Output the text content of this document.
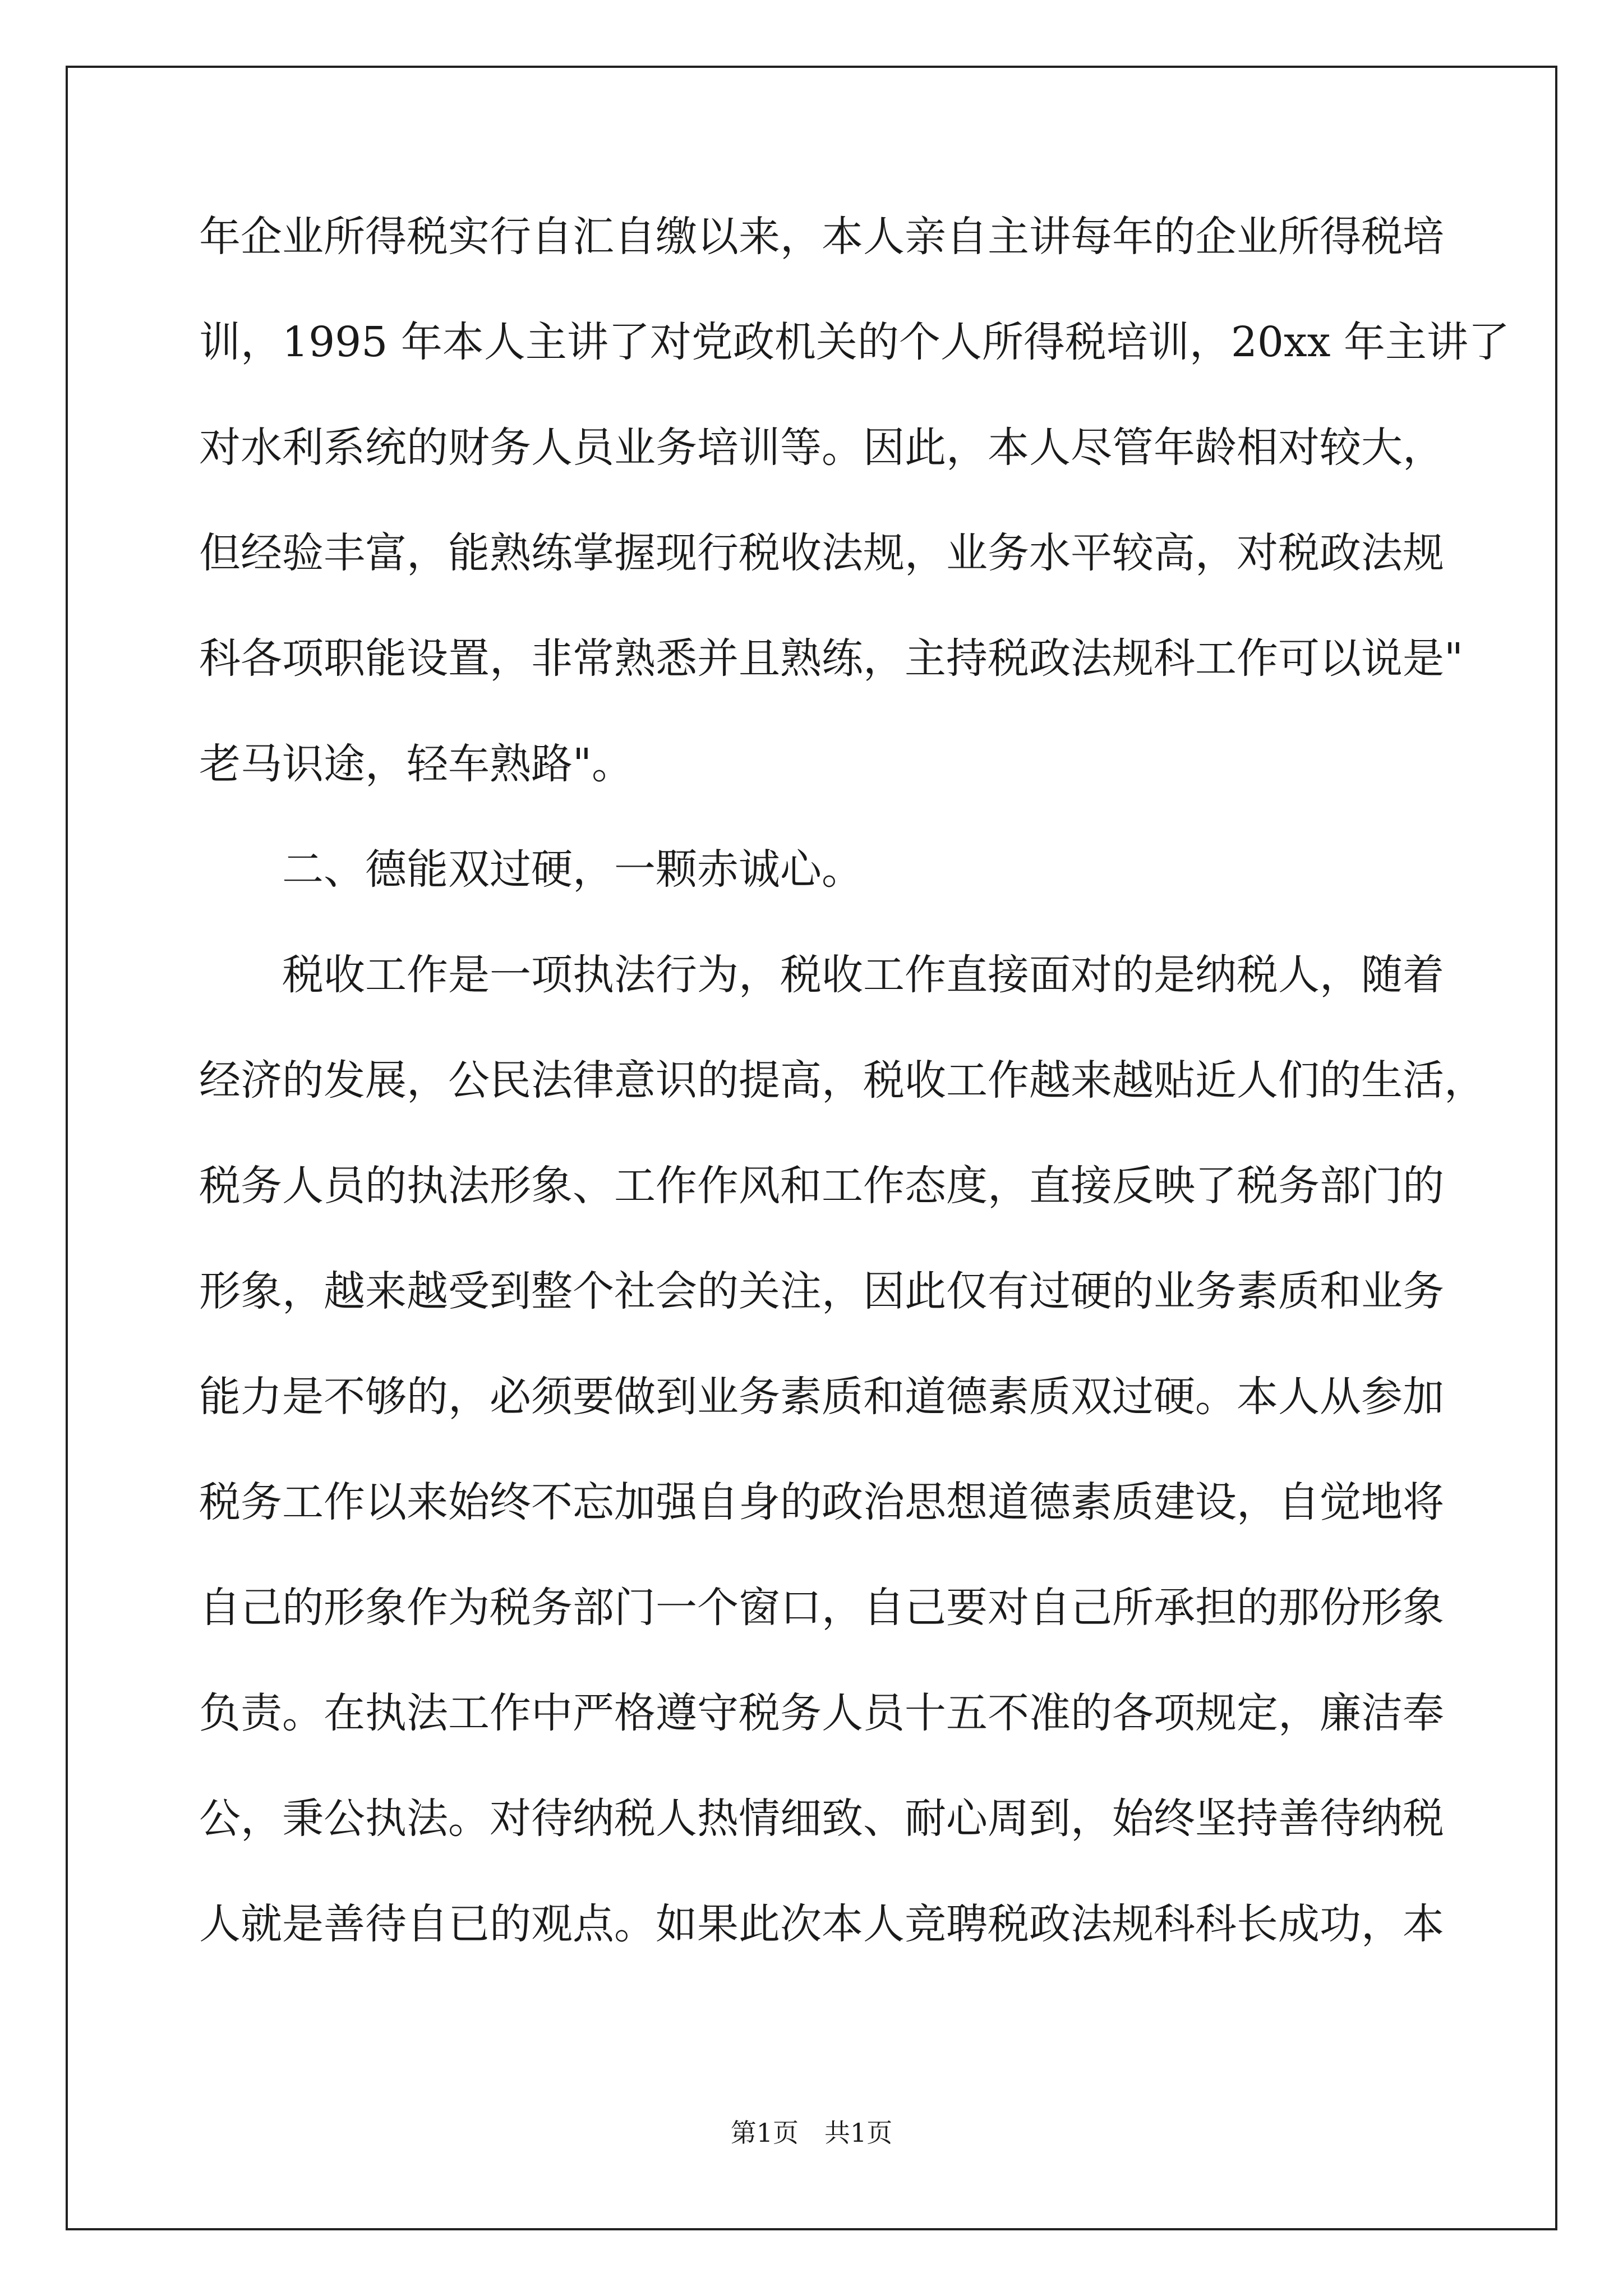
年企业所得税实行自汇自缴以来，本人亲自主讲每年的企业所得税培
训，1995 年本人主讲了对党政机关的个人所得税培训，20xx 年主讲了
对水利系统的财务人员业务培训等。因此，本人尽管年龄相对较大，
但经验丰富，能熟练掌握现行税收法规，业务水平较高，对税政法规
科各项职能设置，非常熟悉并且熟练，主持税政法规科工作可以说是"
老马识途，轻车熟路"。
二、德能双过硬，一颗赤诚心。
税收工作是一项执法行为，税收工作直接面对的是纳税人，随着
经济的发展，公民法律意识的提高，税收工作越来越贴近人们的生活，
税务人员的执法形象、工作作风和工作态度，直接反映了税务部门的
形象，越来越受到整个社会的关注，因此仅有过硬的业务素质和业务
能力是不够的，必须要做到业务素质和道德素质双过硬。本人从参加
税务工作以来始终不忘加强自身的政治思想道德素质建设，自觉地将
自己的形象作为税务部门一个窗口，自己要对自己所承担的那份形象
负责。在执法工作中严格遵守税务人员十五不准的各项规定，廉洁奉
公，秉公执法。对待纳税人热情细致、耐心周到，始终坚持善待纳税
人就是善待自已的观点。如果此次本人竞聘税政法规科科长成功，本
第1页　共1页
